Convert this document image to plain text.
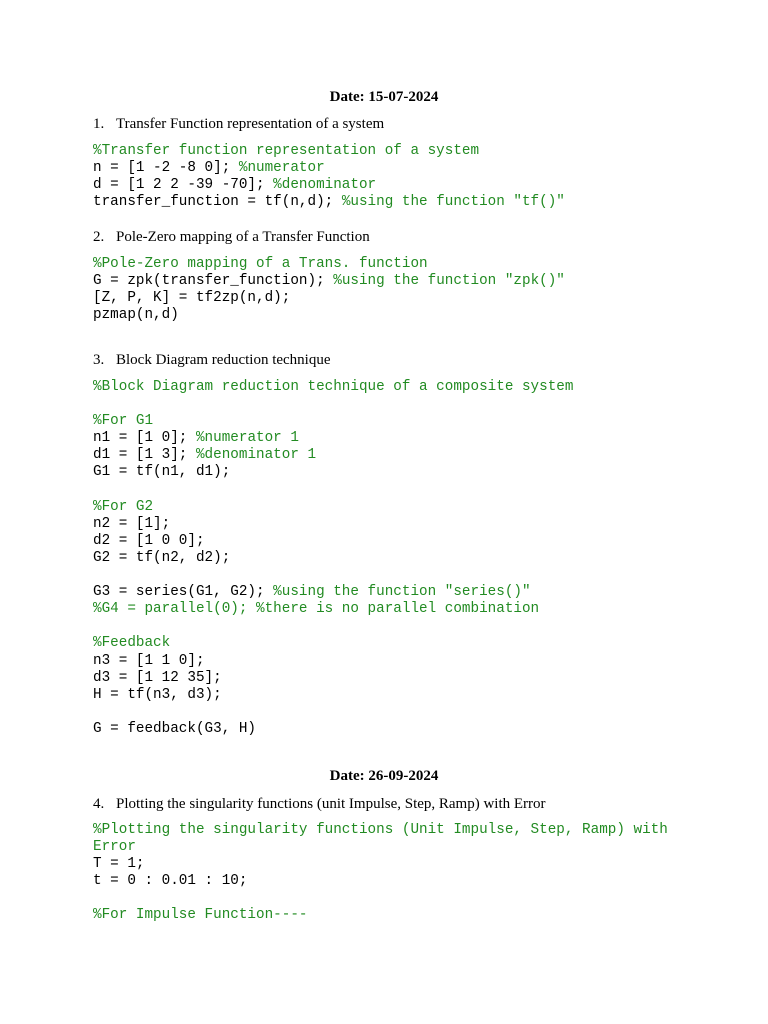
Date: 15-07-2024
1. Transfer Function representation of a system
%Transfer function representation of a system
n = [1 -2 -8 0]; %numerator
d = [1 2 2 -39 -70]; %denominator
transfer_function = tf(n,d); %using the function "tf()"
2. Pole-Zero mapping of a Transfer Function
%Pole-Zero mapping of a Trans. function
G = zpk(transfer_function); %using the function "zpk()"
[Z, P, K] = tf2zp(n,d);
pzmap(n,d)
3. Block Diagram reduction technique
%Block Diagram reduction technique of a composite system
%For G1
n1 = [1 0]; %numerator 1
d1 = [1 3]; %denominator 1
G1 = tf(n1, d1);
%For G2
n2 = [1];
d2 = [1 0 0];
G2 = tf(n2, d2);
G3 = series(G1, G2); %using the function "series()"
%G4 = parallel(0); %there is no parallel combination
%Feedback
n3 = [1 1 0];
d3 = [1 12 35];
H = tf(n3, d3);
G = feedback(G3, H)
Date: 26-09-2024
4. Plotting the singularity functions (unit Impulse, Step, Ramp) with Error
%Plotting the singularity functions (Unit Impulse, Step, Ramp) with
Error
T = 1;
t = 0 : 0.01 : 10;
%For Impulse Function----
